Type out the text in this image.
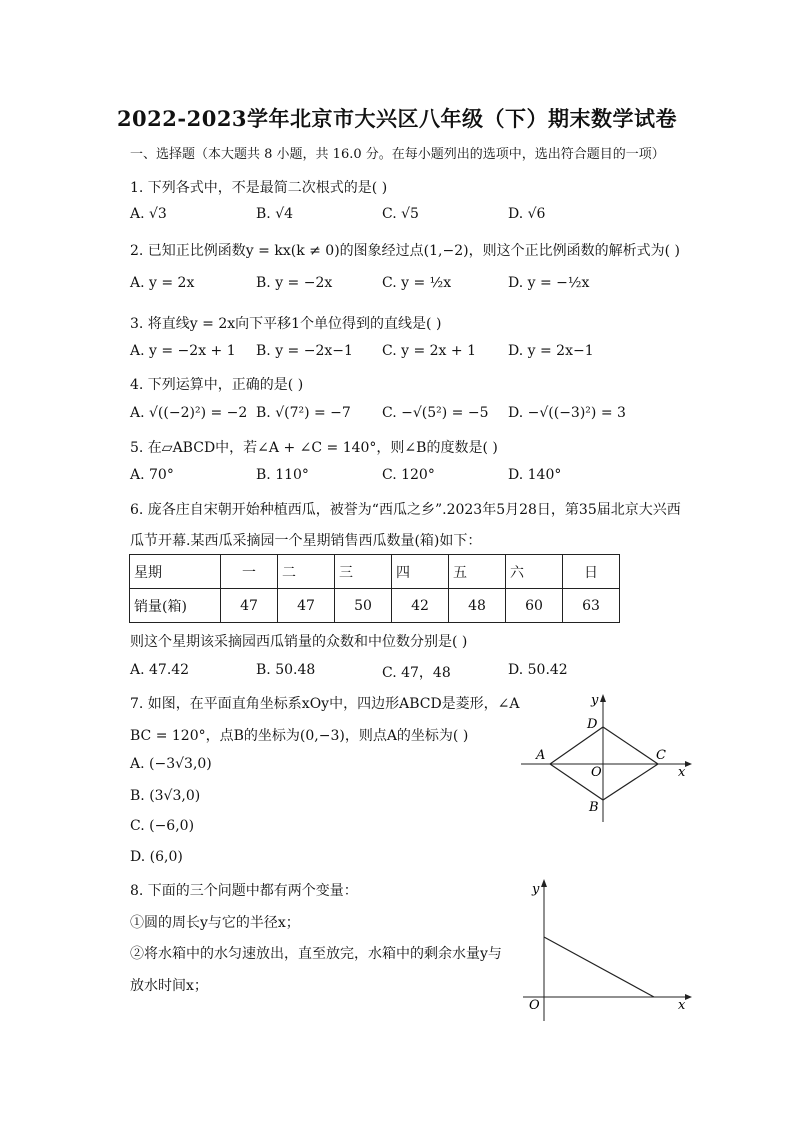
2022-2023学年北京市大兴区八年级（下）期末数学试卷
一、选择题（本大题共 8 小题，共 16.0 分。在每小题列出的选项中，选出符合题目的一项）
1. 下列各式中，不是最简二次根式的是( )
A. √3	B. √4	C. √5	D. √6
2. 已知正比例函数y = kx(k ≠ 0)的图象经过点(1,−2)，则这个正比例函数的解析式为( )
A. y = 2x	B. y = −2x	C. y = ½x	D. y = −½x
3. 将直线y = 2x向下平移1个单位得到的直线是( )
A. y = −2x + 1 B. y = −2x−1 C. y = 2x + 1 D. y = 2x−1
4. 下列运算中，正确的是( )
A. √((−2)²) = −2 B. √(7²) = −7 C. −√(5²) = −5 D. −√((−3)²) = 3
5. 在▱ABCD中，若∠A + ∠C = 140°，则∠B的度数是( )
A. 70°	B. 110°	C. 120°	D. 140°
6. 庞各庄自宋朝开始种植西瓜，被誉为“西瓜之乡”.2023年5月28日，第35届北京大兴西
瓜节开幕.某西瓜采摘园一个星期销售西瓜数量(箱)如下：
星期	一	二	三	四	五	六	日
销量(箱)	47	47	50	42	48	60	63
则这个星期该采摘园西瓜销量的众数和中位数分别是( )
A. 47.42	B. 50.48	C. 47，48	D. 50.42
7. 如图，在平面直角坐标系xOy中，四边形ABCD是菱形，∠A
BC = 120°，点B的坐标为(0,−3)，则点A的坐标为( )
A. (−3√3,0)
B. (3√3,0)
C. (−6,0)
D. (6,0)
x
y
A
B
C
D
O
8. 下面的三个问题中都有两个变量：
①圆的周长y与它的半径x；
②将水箱中的水匀速放出，直至放完，水箱中的剩余水量y与
放水时间x；
x
y
O
